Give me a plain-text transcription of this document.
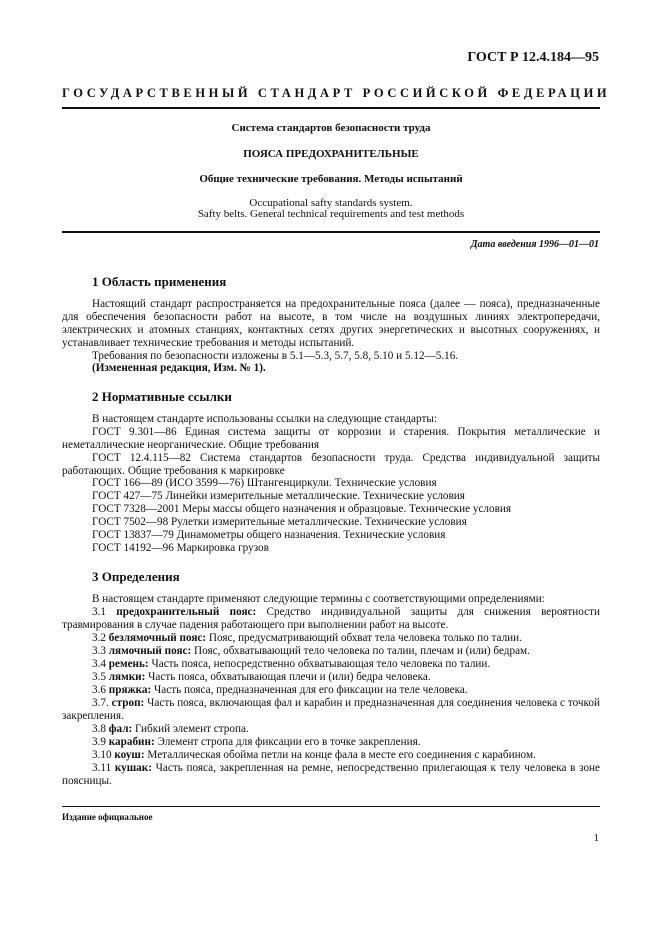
ГОСТ Р 12.4.184—95
ГОСУДАРСТВЕННЫЙ СТАНДАРТ РОССИЙСКОЙ ФЕДЕРАЦИИ
Система стандартов безопасности труда
ПОЯСА ПРЕДОХРАНИТЕЛЬНЫЕ
Общие технические требования. Методы испытаний
Occupational safty standards system.
Safty belts. General technical requirements and test methods
Дата введения 1996—01—01
1 Область применения
Настоящий стандарт распространяется на предохранительные пояса (далее — пояса), предназначенные для обеспечения безопасности работ на высоте, в том числе на воздушных линиях электропередачи, электрических и атомных станциях, контактных сетях других энергетических и высотных сооружениях, и устанавливает технические требования и методы испытаний.
Требования по безопасности изложены в 5.1—5.3, 5.7, 5.8, 5.10 и 5.12—5.16.
(Измененная редакция, Изм. № 1).
2 Нормативные ссылки
В настоящем стандарте использованы ссылки на следующие стандарты:
ГОСТ 9.301—86 Единая система защиты от коррозии и старения. Покрытия металлические и неметаллические неорганические. Общие требования
ГОСТ 12.4.115—82 Система стандартов безопасности труда. Средства индивидуальной защиты работающих. Общие требования к маркировке
ГОСТ 166—89 (ИСО 3599—76) Штангенциркули. Технические условия
ГОСТ 427—75 Линейки измерительные металлические. Технические условия
ГОСТ 7328—2001 Меры массы общего назначения и образцовые. Технические условия
ГОСТ 7502—98 Рулетки измерительные металлические. Технические условия
ГОСТ 13837—79 Динамометры общего назначения. Технические условия
ГОСТ 14192—96 Маркировка грузов
3 Определения
В настоящем стандарте применяют следующие термины с соответствующими определениями:
3.1 предохранительный пояс: Средство индивидуальной защиты для снижения вероятности травмирования в случае падения работающего при выполнении работ на высоте.
3.2 безлямочный пояс: Пояс, предусматривающий обхват тела человека только по талии.
3.3 лямочный пояс: Пояс, обхватывающий тело человека по талии, плечам и (или) бедрам.
3.4 ремень: Часть пояса, непосредственно обхватывающая тело человека по талии.
3.5 лямки: Часть пояса, обхватывающая плечи и (или) бедра человека.
3.6 пряжка: Часть пояса, предназначенная для его фиксации на теле человека.
3.7. строп: Часть пояса, включающая фал и карабин и предназначенная для соединения человека с точкой закрепления.
3.8 фал: Гибкий элемент стропа.
3.9 карабин: Элемент стропа для фиксации его в точке закрепления.
3.10 коуш: Металлическая обойма петли на конце фала в месте его соединения с карабином.
3.11 кушак: Часть пояса, закрепленная на ремне, непосредственно прилегающая к телу человека в зоне поясницы.
Издание официальное
1
